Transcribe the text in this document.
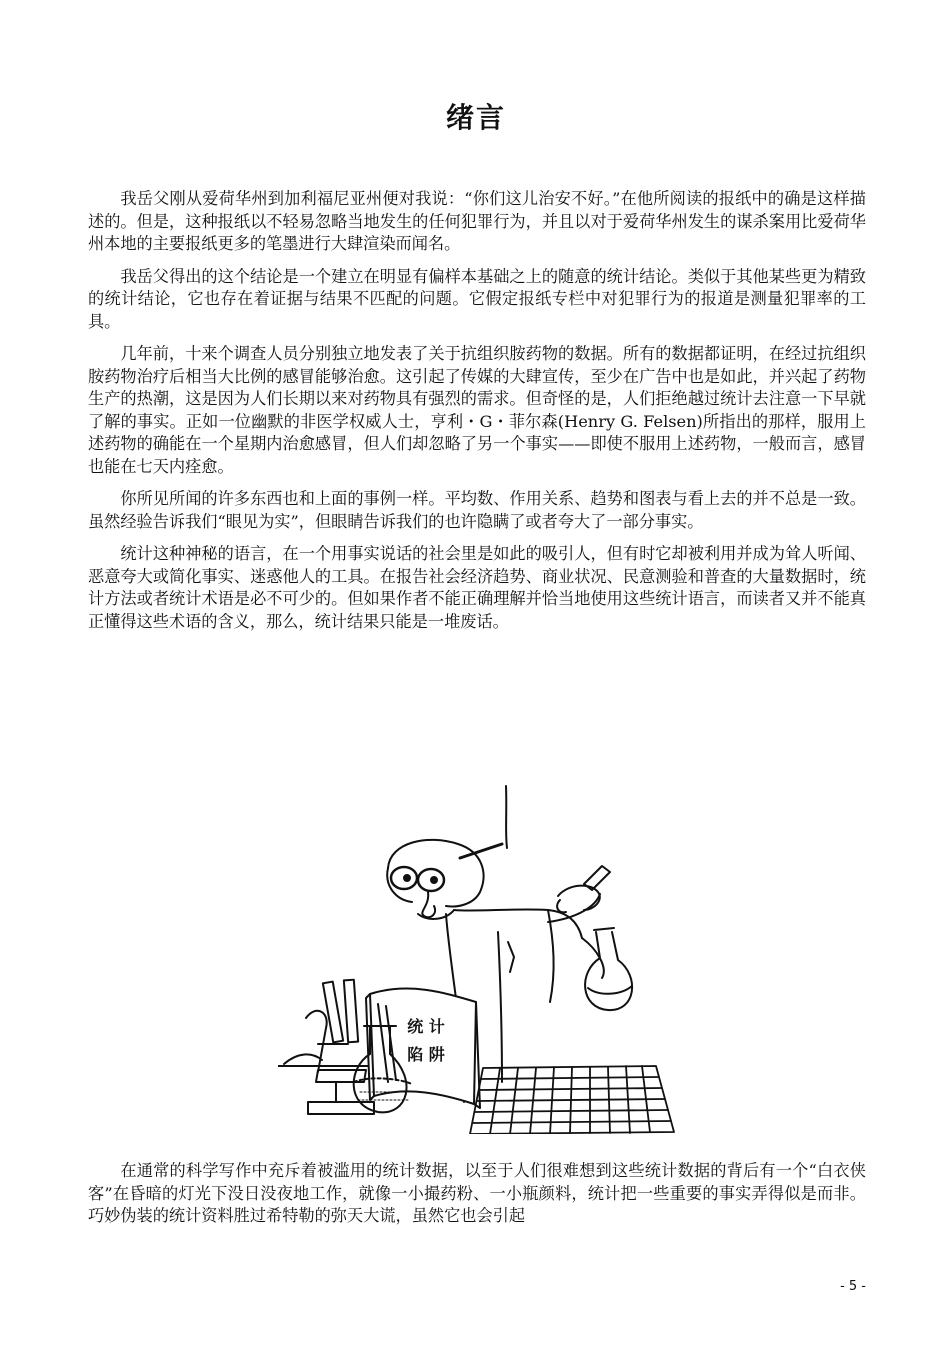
绪言

我岳父刚从爱荷华州到加利福尼亚州便对我说：“你们这儿治安不好。”在他所阅读的报纸中的确是这样描述的。但是，这种报纸以不轻易忽略当地发生的任何犯罪行为，并且以对于爱荷华州发生的谋杀案用比爱荷华州本地的主要报纸更多的笔墨进行大肆渲染而闻名。

我岳父得出的这个结论是一个建立在明显有偏样本基础之上的随意的统计结论。类似于其他某些更为精致的统计结论，它也存在着证据与结果不匹配的问题。它假定报纸专栏中对犯罪行为的报道是测量犯罪率的工具。

几年前，十来个调查人员分别独立地发表了关于抗组织胺药物的数据。所有的数据都证明，在经过抗组织胺药物治疗后相当大比例的感冒能够治愈。这引起了传媒的大肆宣传，至少在广告中也是如此，并兴起了药物生产的热潮，这是因为人们长期以来对药物具有强烈的需求。但奇怪的是，人们拒绝越过统计去注意一下早就了解的事实。正如一位幽默的非医学权威人士，亨利・G・菲尔森(Henry G. Felsen)所指出的那样，服用上述药物的确能在一个星期内治愈感冒，但人们却忽略了另一个事实——即使不服用上述药物，一般而言，感冒也能在七天内痊愈。

你所见所闻的许多东西也和上面的事例一样。平均数、作用关系、趋势和图表与看上去的并不总是一致。虽然经验告诉我们“眼见为实”，但眼睛告诉我们的也许隐瞒了或者夸大了一部分事实。

统计这种神秘的语言，在一个用事实说话的社会里是如此的吸引人，但有时它却被利用并成为耸人听闻、恶意夸大或简化事实、迷惑他人的工具。在报告社会经济趋势、商业状况、民意测验和普查的大量数据时，统计方法或者统计术语是必不可少的。但如果作者不能正确理解并恰当地使用这些统计语言，而读者又并不能真正懂得这些术语的含义，那么，统计结果只能是一堆废话。

统 计
陷 阱

在通常的科学写作中充斥着被滥用的统计数据，以至于人们很难想到这些统计数据的背后有一个“白衣侠客”在昏暗的灯光下没日没夜地工作，就像一小撮药粉、一小瓶颜料，统计把一些重要的事实弄得似是而非。巧妙伪装的统计资料胜过希特勒的弥天大谎，虽然它也会引起

- 5 -
